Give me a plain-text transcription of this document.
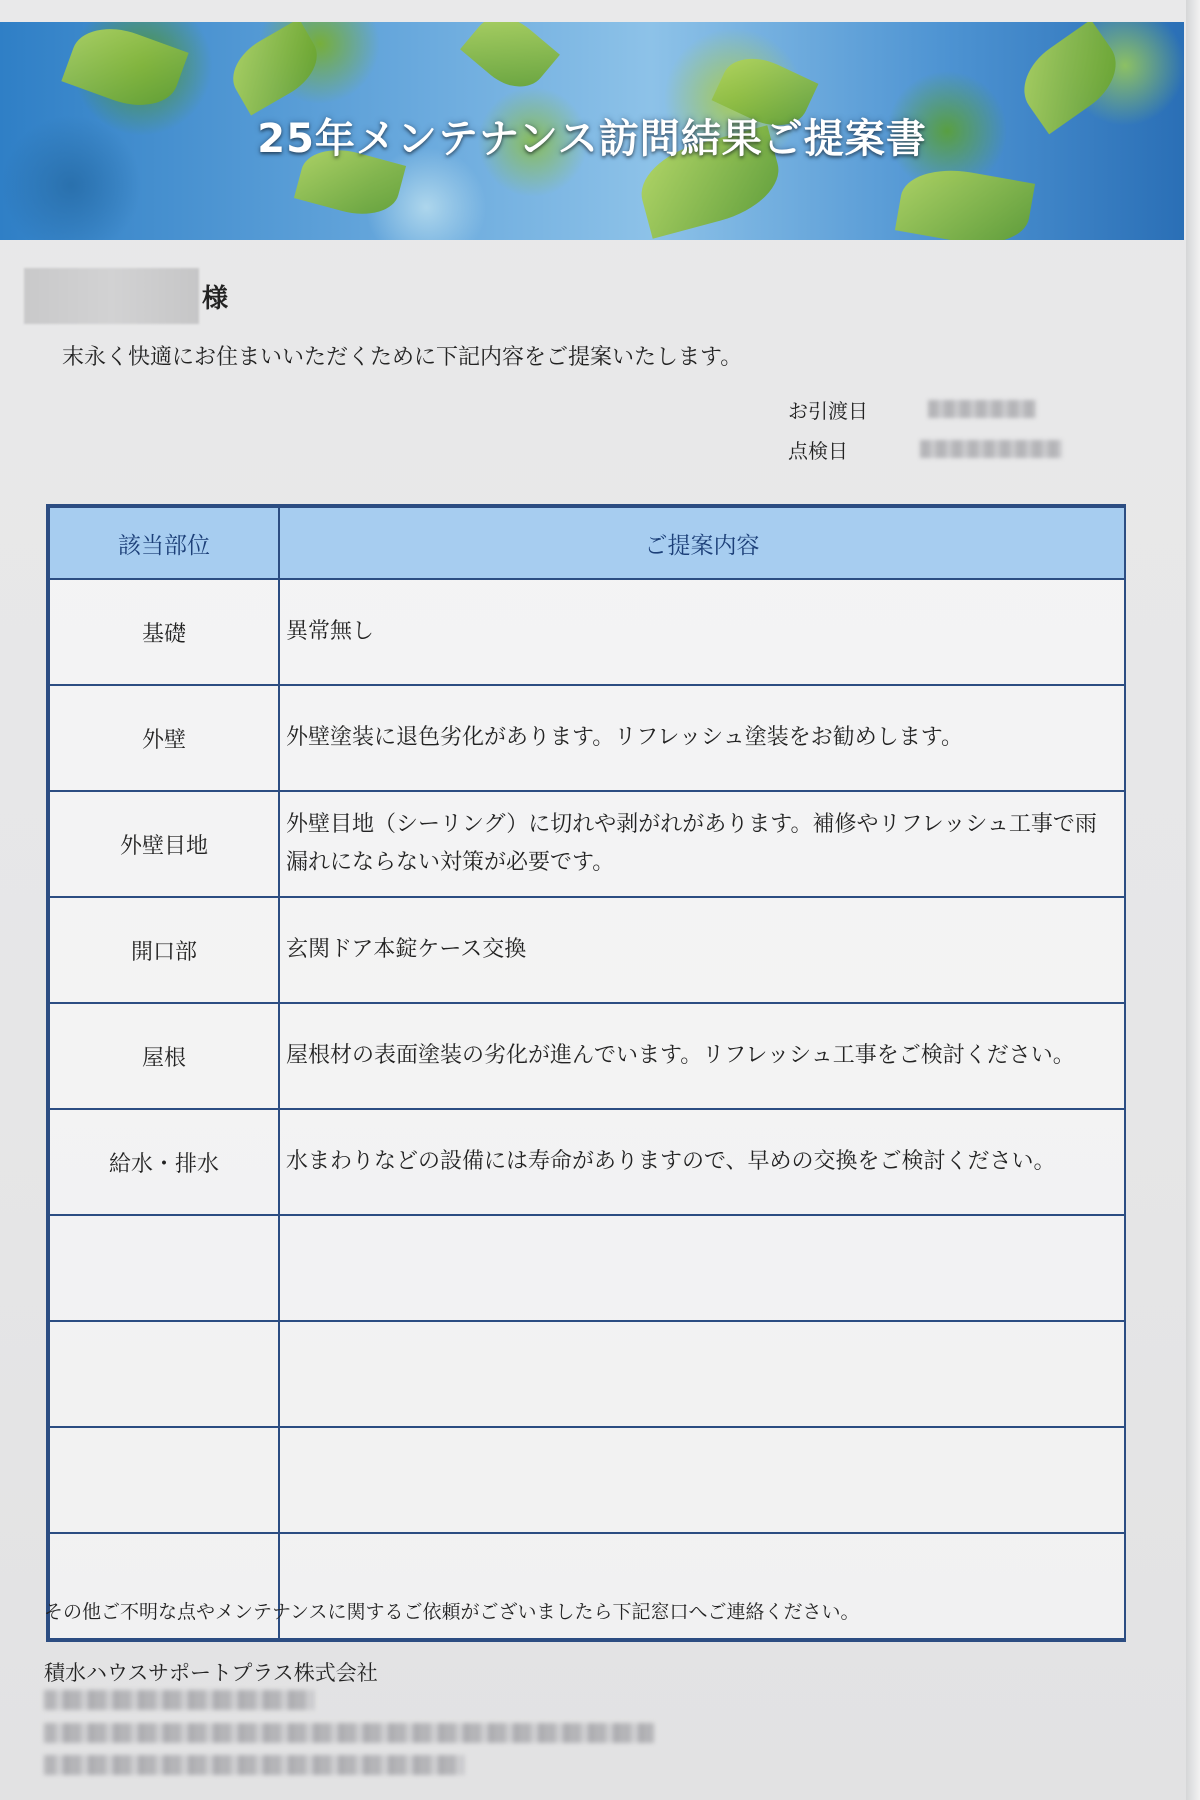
25年メンテナンス訪問結果ご提案書
様
末永く快適にお住まいいただくために下記内容をご提案いたします。
お引渡日
点検日
該当部位	ご提案内容
基礎	異常無し
外壁	外壁塗装に退色劣化があります。リフレッシュ塗装をお勧めします。
外壁目地	外壁目地（シーリング）に切れや剥がれがあります。補修やリフレッシュ工事で雨漏れにならない対策が必要です。
開口部	玄関ドア本錠ケース交換
屋根	屋根材の表面塗装の劣化が進んでいます。リフレッシュ工事をご検討ください。
給水・排水	水まわりなどの設備には寿命がありますので、早めの交換をご検討ください。

その他ご不明な点やメンテナンスに関するご依頼がございましたら下記窓口へご連絡ください。
積水ハウスサポートプラス株式会社
